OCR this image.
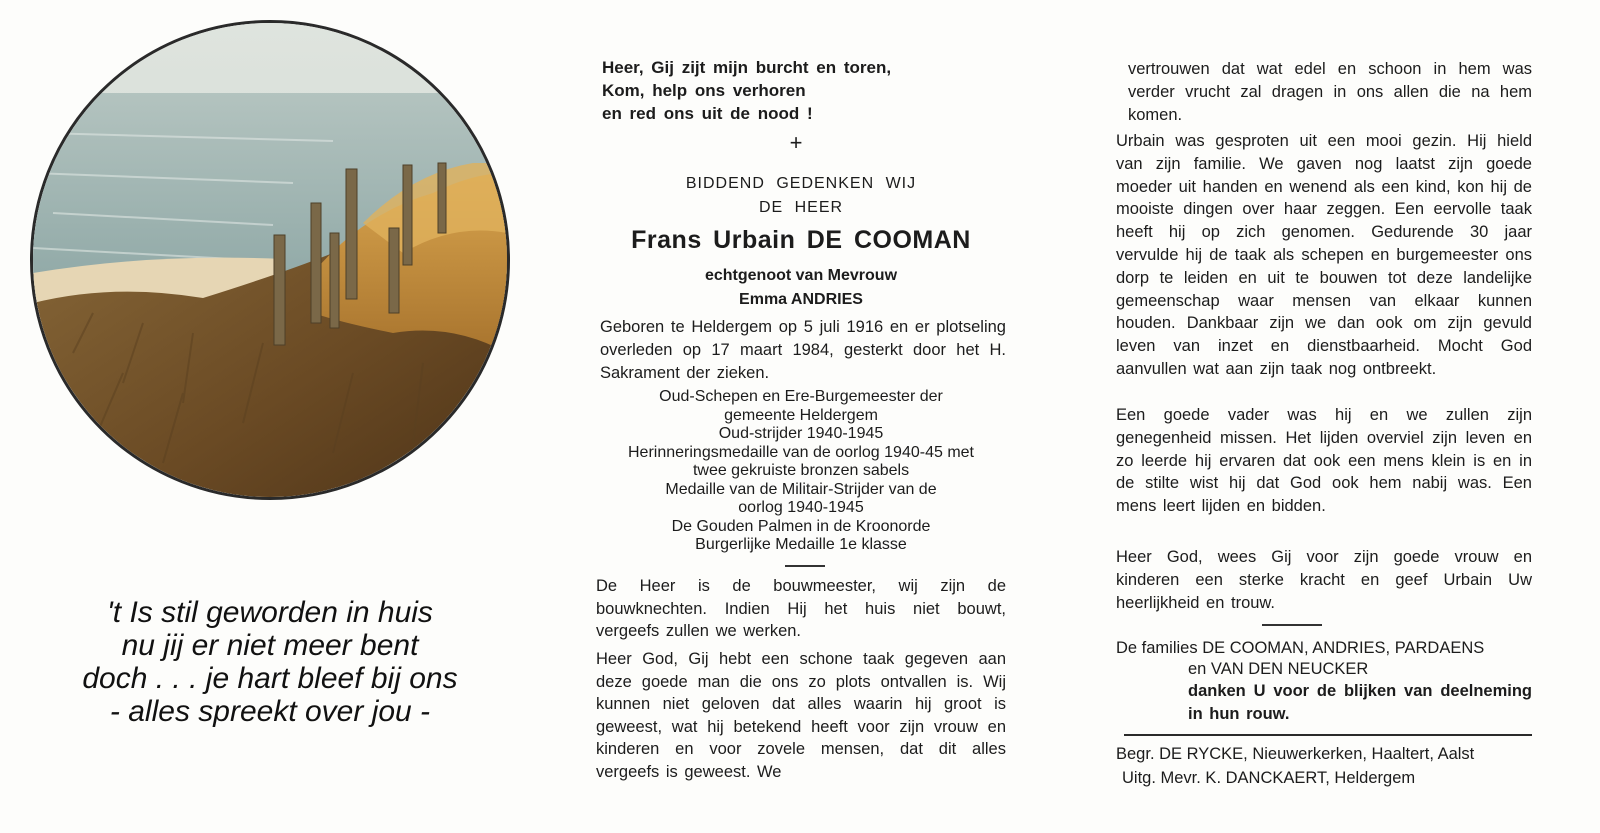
't Is stil geworden in huis
nu jij er niet meer bent
doch . . . je hart bleef bij ons
- alles spreekt over jou -
Heer, Gij zijt mijn burcht en toren,
Kom, help ons verhoren
en red ons uit de nood !
+
BIDDEND GEDENKEN WIJ
DE HEER
Frans Urbain DE COOMAN
echtgenoot van Mevrouw
Emma ANDRIES
Geboren te Heldergem op 5 juli 1916 en er plotseling overleden op 17 maart 1984, gesterkt door het H. Sakrament der zieken.
Oud-Schepen en Ere-Burgemeester der
gemeente Heldergem
Oud-strijder 1940-1945
Herinneringsmedaille van de oorlog 1940-45 met
twee gekruiste bronzen sabels
Medaille van de Militair-Strijder van de
oorlog 1940-1945
De Gouden Palmen in de Kroonorde
Burgerlijke Medaille 1e klasse
De Heer is de bouwmeester, wij zijn de bouwknechten. Indien Hij het huis niet bouwt, vergeefs zullen we werken.
Heer God, Gij hebt een schone taak gegeven aan deze goede man die ons zo plots ontvallen is. Wij kunnen niet geloven dat alles waarin hij groot is geweest, wat hij betekend heeft voor zijn vrouw en kinderen en voor zovele mensen, dat dit alles vergeefs is geweest. We
vertrouwen dat wat edel en schoon in hem was verder vrucht zal dragen in ons allen die na hem komen.
Urbain was gesproten uit een mooi gezin. Hij hield van zijn familie. We gaven nog laatst zijn goede moeder uit handen en wenend als een kind, kon hij de mooiste dingen over haar zeggen. Een eervolle taak heeft hij op zich genomen. Gedurende 30 jaar vervulde hij de taak als schepen en burgemeester ons dorp te leiden en uit te bouwen tot deze landelijke gemeenschap waar mensen van elkaar kunnen houden. Dankbaar zijn we dan ook om zijn gevuld leven van inzet en dienstbaarheid. Mocht God aanvullen wat aan zijn taak nog ontbreekt.
Een goede vader was hij en we zullen zijn genegenheid missen. Het lijden overviel zijn leven en zo leerde hij ervaren dat ook een mens klein is en in de stilte wist hij dat God ook hem nabij was. Een mens leert lijden en bidden.
Heer God, wees Gij voor zijn goede vrouw en kinderen een sterke kracht en geef Urbain Uw heerlijkheid en trouw.
De families DE COOMAN, ANDRIES, PARDAENS
en VAN DEN NEUCKER
danken U voor de blijken van deelneming in hun rouw.
Begr. DE RYCKE, Nieuwerkerken, Haaltert, Aalst
Uitg. Mevr. K. DANCKAERT, Heldergem
